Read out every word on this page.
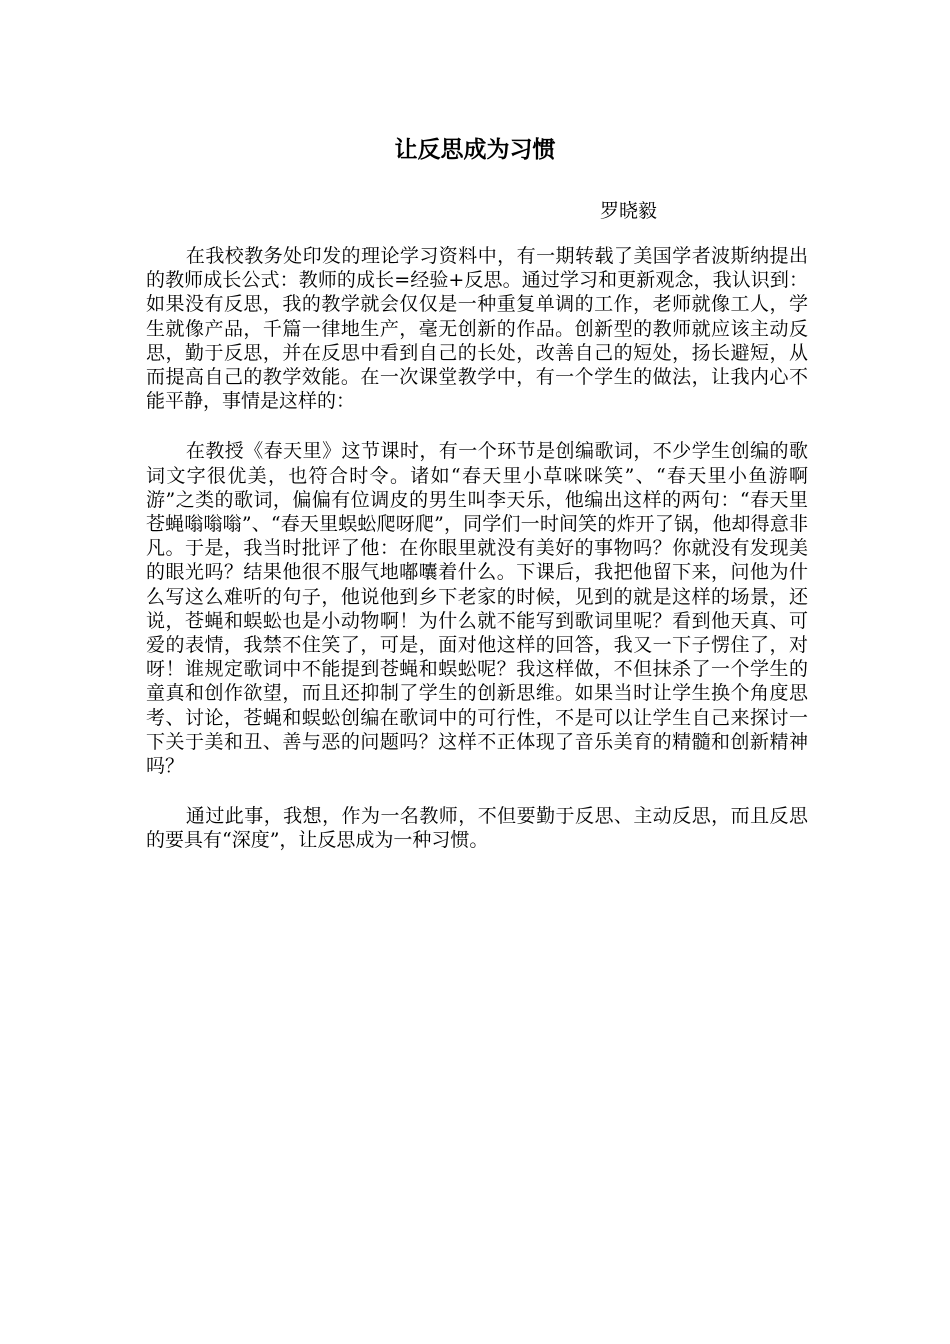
让反思成为习惯

罗晓毅

在我校教务处印发的理论学习资料中，有一期转载了美国学者波斯纳提出的教师成长公式：教师的成长=经验+反思。通过学习和更新观念，我认识到：如果没有反思，我的教学就会仅仅是一种重复单调的工作，老师就像工人，学生就像产品，千篇一律地生产，毫无创新的作品。创新型的教师就应该主动反思，勤于反思，并在反思中看到自己的长处，改善自己的短处，扬长避短，从而提高自己的教学效能。在一次课堂教学中，有一个学生的做法，让我内心不能平静，事情是这样的：

在教授《春天里》这节课时，有一个环节是创编歌词，不少学生创编的歌词文字很优美，也符合时令。诸如“春天里小草咪咪笑”、“春天里小鱼游啊游”之类的歌词，偏偏有位调皮的男生叫李天乐，他编出这样的两句：“春天里苍蝇嗡嗡嗡”、“春天里蜈蚣爬呀爬”，同学们一时间笑的炸开了锅，他却得意非凡。于是，我当时批评了他：在你眼里就没有美好的事物吗？你就没有发现美的眼光吗？结果他很不服气地嘟囔着什么。下课后，我把他留下来，问他为什么写这么难听的句子，他说他到乡下老家的时候，见到的就是这样的场景，还说，苍蝇和蜈蚣也是小动物啊！为什么就不能写到歌词里呢？看到他天真、可爱的表情，我禁不住笑了，可是，面对他这样的回答，我又一下子愣住了，对呀！谁规定歌词中不能提到苍蝇和蜈蚣呢？我这样做，不但抹杀了一个学生的童真和创作欲望，而且还抑制了学生的创新思维。如果当时让学生换个角度思考、讨论，苍蝇和蜈蚣创编在歌词中的可行性，不是可以让学生自己来探讨一下关于美和丑、善与恶的问题吗？这样不正体现了音乐美育的精髓和创新精神吗？

通过此事，我想，作为一名教师，不但要勤于反思、主动反思，而且反思的要具有“深度”，让反思成为一种习惯。
